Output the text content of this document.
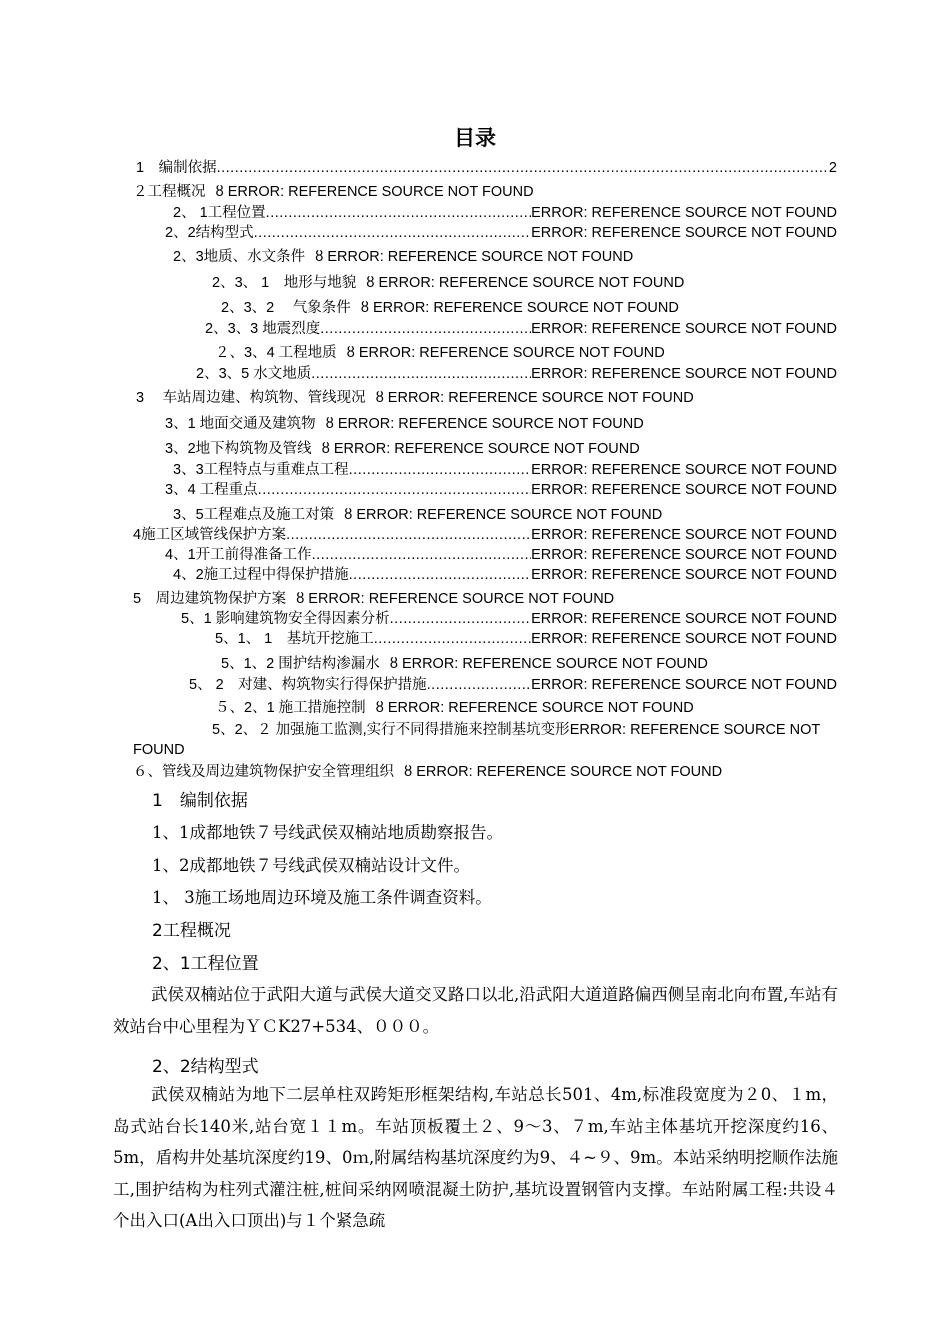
目录
1　编制依据 .....	2
２工程概况 ȣ ERROR: REFERENCE SOURCE NOT FOUND
2、 1工程位置 .....	ERROR: REFERENCE SOURCE NOT FOUND
2、2结构型式 .....	ERROR: REFERENCE SOURCE NOT FOUND
2、3地质、水文条件 ȣ ERROR: REFERENCE SOURCE NOT FOUND
2、3、 1　地形与地貌 ȣ ERROR: REFERENCE SOURCE NOT FOUND
2、3、2　 气象条件 ȣ ERROR: REFERENCE SOURCE NOT FOUND
2、3、3 地震烈度 .....	ERROR: REFERENCE SOURCE NOT FOUND
２、3、4 工程地质 ȣ ERROR: REFERENCE SOURCE NOT FOUND
2、3、5 水文地质 .....	ERROR: REFERENCE SOURCE NOT FOUND
3　 车站周边建、构筑物、管线现况 ȣ ERROR: REFERENCE SOURCE NOT FOUND
3、1 地面交通及建筑物 ȣ ERROR: REFERENCE SOURCE NOT FOUND
3、2地下构筑物及管线 ȣ ERROR: REFERENCE SOURCE NOT FOUND
3、3工程特点与重难点工程 .....	ERROR: REFERENCE SOURCE NOT FOUND
3、4 工程重点 .....	ERROR: REFERENCE SOURCE NOT FOUND
3、5工程难点及施工对策 ȣ ERROR: REFERENCE SOURCE NOT FOUND
4施工区域管线保护方案 .....	ERROR: REFERENCE SOURCE NOT FOUND
4、1开工前得准备工作 .....	ERROR: REFERENCE SOURCE NOT FOUND
4、2施工过程中得保护措施 .....	ERROR: REFERENCE SOURCE NOT FOUND
5　周边建筑物保护方案 ȣ ERROR: REFERENCE SOURCE NOT FOUND
5、1 影响建筑物安全得因素分析 .....	ERROR: REFERENCE SOURCE NOT FOUND
5、1、 1　基坑开挖施工 .....	ERROR: REFERENCE SOURCE NOT FOUND
5、1、2 围护结构渗漏水 ȣ ERROR: REFERENCE SOURCE NOT FOUND
5、 2　对建、构筑物实行得保护措施 .....	ERROR: REFERENCE SOURCE NOT FOUND
５、2、1 施工措施控制 ȣ ERROR: REFERENCE SOURCE NOT FOUND
5、2、２ 加强施工监测,实行不同得措施来控制基坑变形ERROR: REFERENCE SOURCE NOT FOUND
６、管线及周边建筑物保护安全管理组织 ȣ ERROR: REFERENCE SOURCE NOT FOUND
1　编制依据
1、1成都地铁７号线武侯双楠站地质勘察报告。
1、2成都地铁７号线武侯双楠站设计文件。
1、 3施工场地周边环境及施工条件调查资料。
2工程概况
2、1工程位置
武侯双楠站位于武阳大道与武侯大道交叉路口以北,沿武阳大道道路偏西侧呈南北向布置,车站有效站台中心里程为ＹＣK27+534、０００。
2、2结构型式
武侯双楠站为地下二层单柱双跨矩形框架结构,车站总长501、4m,标准段宽度为２0、１m，岛式站台长140米,站台宽１１m。车站顶板覆土２、9～3、７m,车站主体基坑开挖深度约16、5m，盾构井处基坑深度约19、0ｍ,附属结构基坑深度约为9、４~９、9m。本站采纳明挖顺作法施工,围护结构为柱列式灌注桩,桩间采纳网喷混凝土防护,基坑设置钢管内支撑。车站附属工程:共设４个出入口(A出入口顶出)与１个紧急疏
